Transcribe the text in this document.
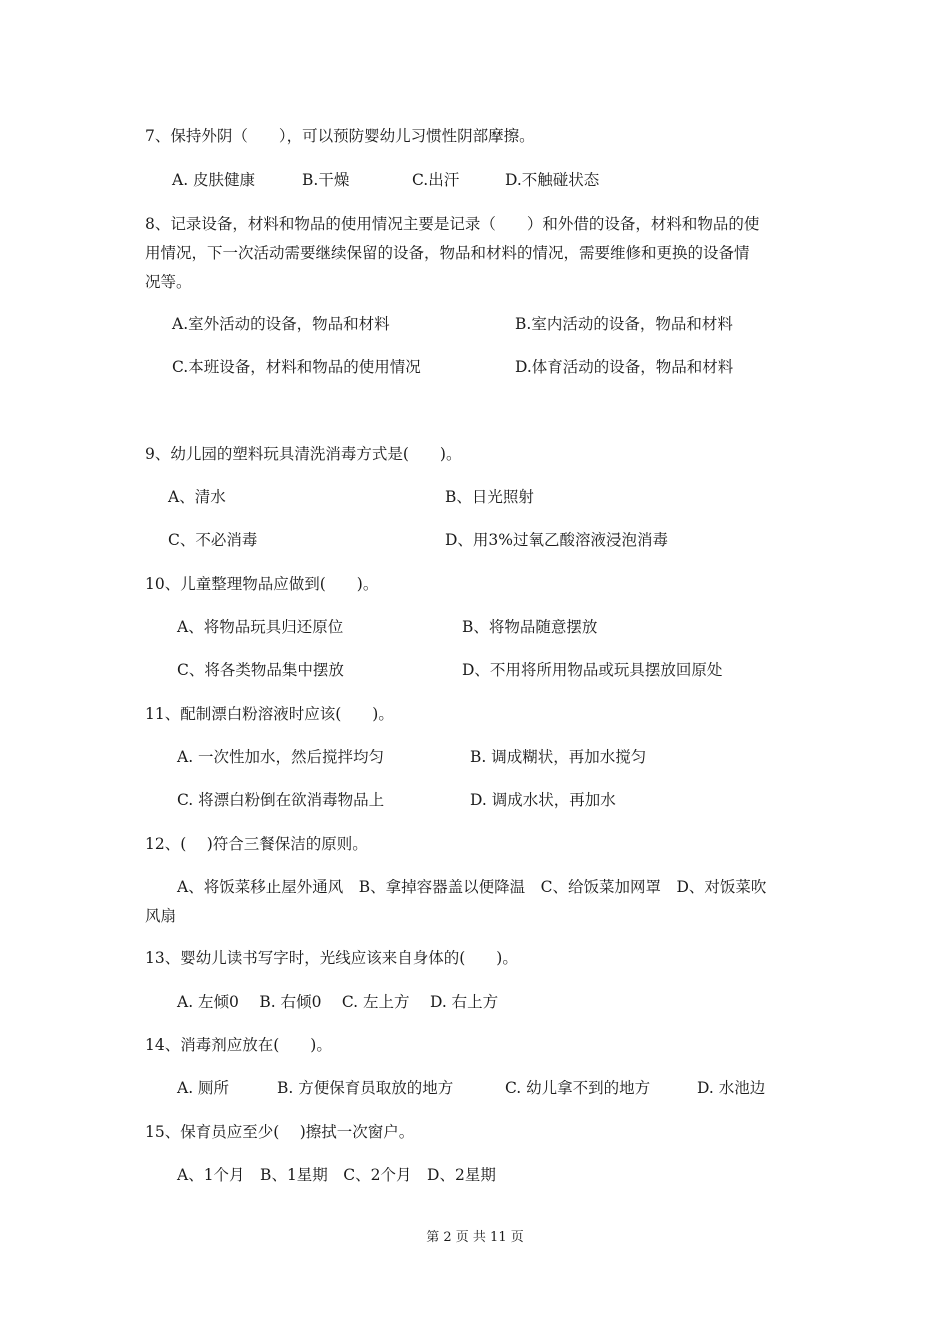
7、保持外阴（　　），可以预防婴幼儿习惯性阴部摩擦。
A. 皮肤健康	B.干燥	C.出汗	D.不触碰状态
8、记录设备，材料和物品的使用情况主要是记录（　　）和外借的设备，材料和物品的使
用情况，下一次活动需要继续保留的设备，物品和材料的情况，需要维修和更换的设备情
况等。
A.室外活动的设备，物品和材料	B.室内活动的设备，物品和材料
C.本班设备，材料和物品的使用情况	D.体育活动的设备，物品和材料
9、幼儿园的塑料玩具清洗消毒方式是(　　)。
A、清水	B、日光照射
C、不必消毒	D、用3%过氧乙酸溶液浸泡消毒
10、儿童整理物品应做到(　　)。
A、将物品玩具归还原位	B、将物品随意摆放
C、将各类物品集中摆放	D、不用将所用物品或玩具摆放回原处
11、配制漂白粉溶液时应该(　　)。
A. 一次性加水，然后搅拌均匀	B. 调成糊状，再加水搅匀
C. 将漂白粉倒在欲消毒物品上	D. 调成水状，再加水
12、(　 )符合三餐保洁的原则。
A、将饭菜移止屋外通风　B、拿掉容器盖以便降温　C、给饭菜加网罩　D、对饭菜吹
风扇
13、婴幼儿读书写字时，光线应该来自身体的(　　)。
A. 左倾0　 B. 右倾0　 C. 左上方　 D. 右上方
14、消毒剂应放在(　　)。
A. 厕所	B. 方便保育员取放的地方	C. 幼儿拿不到的地方	D. 水池边
15、保育员应至少(　 )擦拭一次窗户。
A、1个月　B、1星期　C、2个月　D、2星期
第 2 页 共 11 页
